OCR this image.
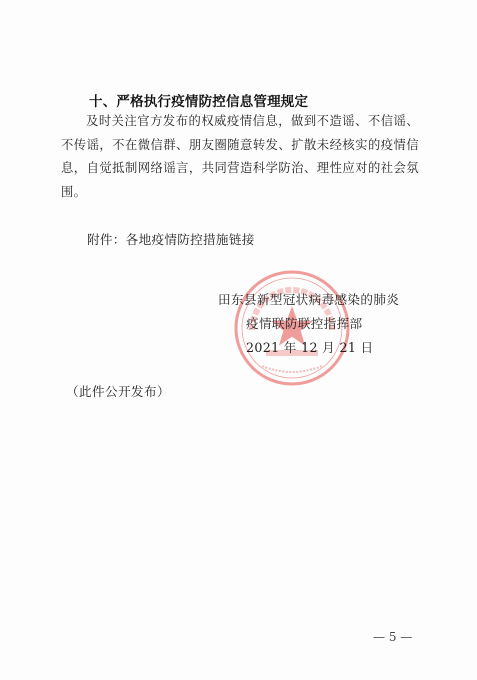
十、严格执行疫情防控信息管理规定
及时关注官方发布的权威疫情信息，做到不造谣、不信谣、不传谣，不在微信群、朋友圈随意转发、扩散未经核实的疫情信息，自觉抵制网络谣言，共同营造科学防治、理性应对的社会氛围。
附件：各地疫情防控措施链接
田东县新型冠状病毒感染的肺炎
疫情联防联控指挥部
2021 年 12 月 21 日
（此件公开发布）
— 5 —
